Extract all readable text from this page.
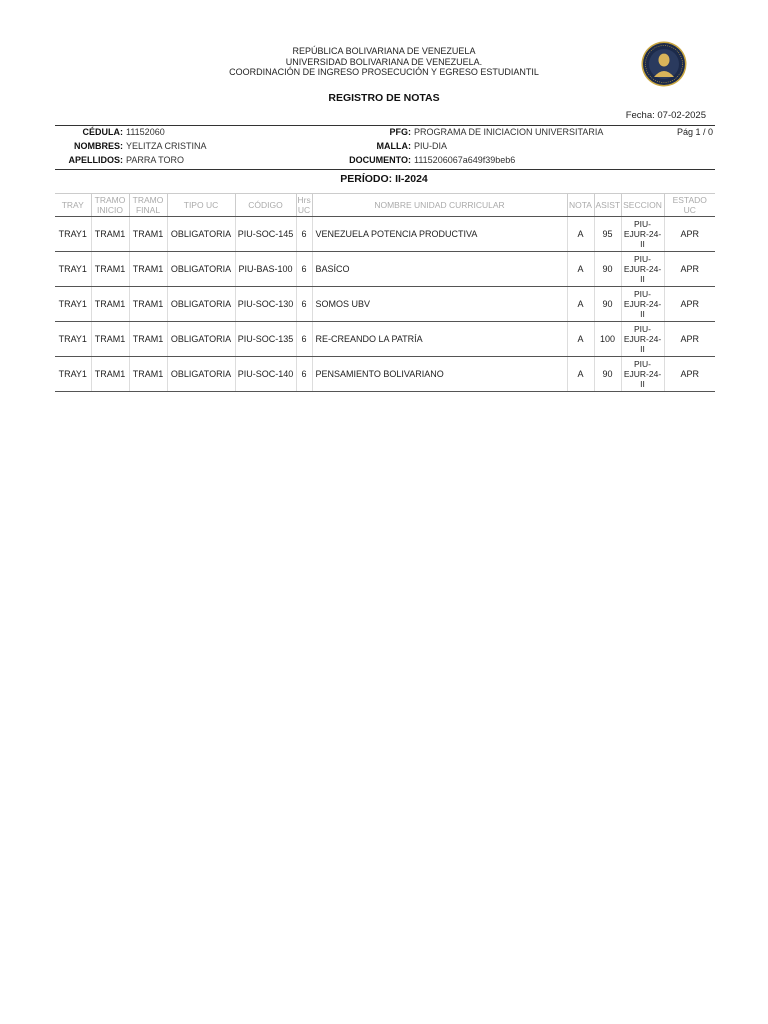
REPÚBLICA BOLIVARIANA DE VENEZUELA
UNIVERSIDAD BOLIVARIANA DE VENEZUELA.
COORDINACIÓN DE INGRESO PROSECUCIÓN Y EGRESO ESTUDIANTIL
REGISTRO DE NOTAS
Fecha: 07-02-2025
CÉDULA: 11152060
NOMBRES: YELITZA CRISTINA
APELLIDOS: PARRA TORO
PFG: PROGRAMA DE INICIACION UNIVERSITARIA
MALLA: PIU-DIA
DOCUMENTO: 1115206067a649f39beb6
Pág 1 / 0
PERÍODO: II-2024
TRAY	TRAMO INICIO	TRAMO FINAL	TIPO UC	CÓDIGO	Hrs UC	NOMBRE UNIDAD CURRICULAR	NOTA	ASIST	SECCION	ESTADO UC
TRAY1	TRAM1	TRAM1	OBLIGATORIA	PIU-SOC-145	6	VENEZUELA POTENCIA PRODUCTIVA	A	95	PIU-EJUR-24-II	APR
TRAY1	TRAM1	TRAM1	OBLIGATORIA	PIU-BAS-100	6	BASÍCO	A	90	PIU-EJUR-24-II	APR
TRAY1	TRAM1	TRAM1	OBLIGATORIA	PIU-SOC-130	6	SOMOS UBV	A	90	PIU-EJUR-24-II	APR
TRAY1	TRAM1	TRAM1	OBLIGATORIA	PIU-SOC-135	6	RE-CREANDO LA PATRÍA	A	100	PIU-EJUR-24-II	APR
TRAY1	TRAM1	TRAM1	OBLIGATORIA	PIU-SOC-140	6	PENSAMIENTO BOLIVARIANO	A	90	PIU-EJUR-24-II	APR
